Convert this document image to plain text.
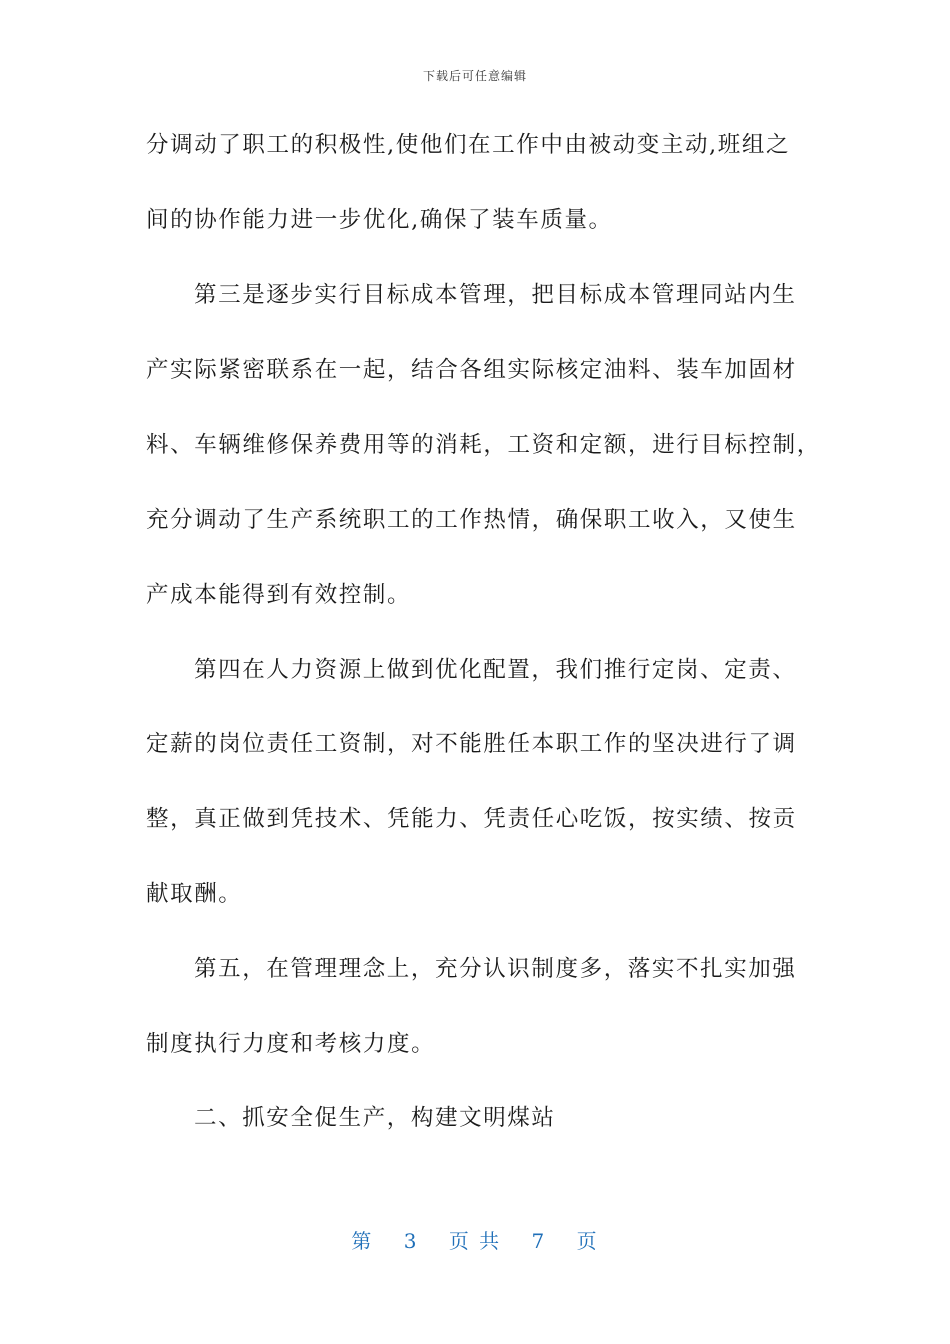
下载后可任意编辑
分调动了职工的积极性,使他们在工作中由被动变主动,班组之
间的协作能力进一步优化,确保了装车质量。
第三是逐步实行目标成本管理，把目标成本管理同站内生
产实际紧密联系在一起，结合各组实际核定油料、装车加固材
料、车辆维修保养费用等的消耗，工资和定额，进行目标控制，
充分调动了生产系统职工的工作热情，确保职工收入，又使生
产成本能得到有效控制。
第四在人力资源上做到优化配置，我们推行定岗、定责、
定薪的岗位责任工资制，对不能胜任本职工作的坚决进行了调
整，真正做到凭技术、凭能力、凭责任心吃饭，按实绩、按贡
献取酬。
第五，在管理理念上，充分认识制度多，落实不扎实加强
制度执行力度和考核力度。
二、抓安全促生产，构建文明煤站
第 3 页 共 7 页
